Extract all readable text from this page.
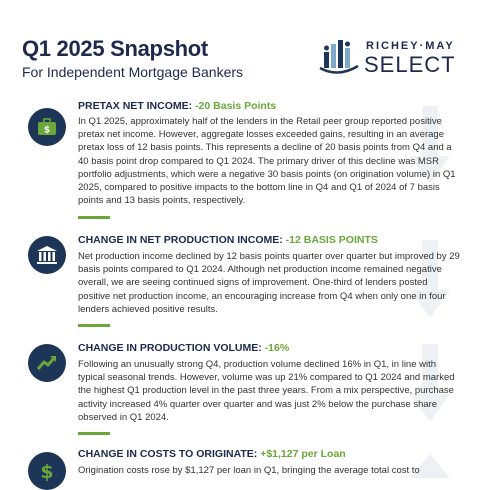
Q1 2025 Snapshot
For Independent Mortgage Bankers
RICHEY·MAY
SELECT
$
PRETAX NET INCOME: -20 Basis Points
In Q1 2025, approximately half of the lenders in the Retail peer group reported positive pretax net income. However, aggregate losses exceeded gains, resulting in an average pretax loss of 12 basis points. This represents a decline of 20 basis points from Q4 and a 40 basis point drop compared to Q1 2024. The primary driver of this decline was MSR portfolio adjustments, which were a negative 30 basis points (on origination volume) in Q1 2025, compared to positive impacts to the bottom line in Q4 and Q1 of 2024 of 7 basis points and 13 basis points, respectively.
CHANGE IN NET PRODUCTION INCOME: -12 BASIS POINTS
Net production income declined by 12 basis points quarter over quarter but improved by 29 basis points compared to Q1 2024. Although net production income remained negative overall, we are seeing continued signs of improvement. One-third of lenders posted positive net production income, an encouraging increase from Q4 when only one in four lenders achieved positive results.
CHANGE IN PRODUCTION VOLUME: -16%
Following an unusually strong Q4, production volume declined 16% in Q1, in line with typical seasonal trends. However, volume was up 21% compared to Q1 2024 and marked the highest Q1 production level in the past three years. From a mix perspective, purchase activity increased 4% quarter over quarter and was just 2% below the purchase share observed in Q1 2024.
$
CHANGE IN COSTS TO ORIGINATE: +$1,127 per Loan
Origination costs rose by $1,127 per loan in Q1, bringing the average total cost to
